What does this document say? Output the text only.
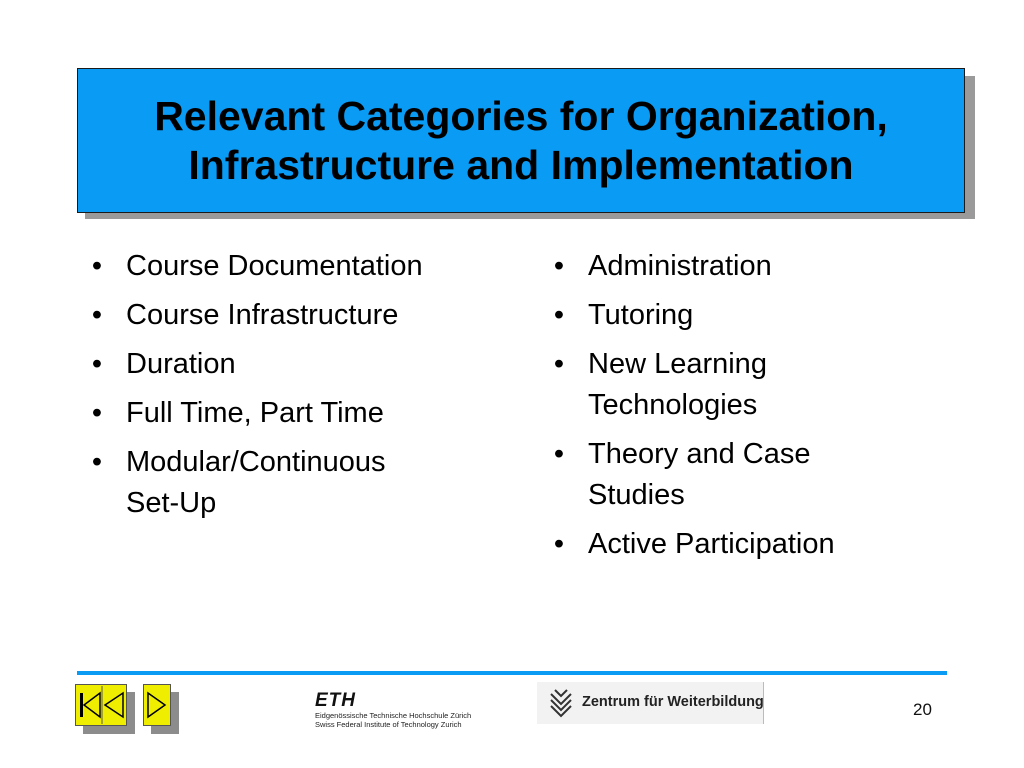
Relevant Categories for Organization,
Infrastructure and Implementation
• Course Documentation
• Course Infrastructure
• Duration
• Full Time, Part Time
• Modular/Continuous
Set-Up
• Administration
• Tutoring
• New Learning
Technologies
• Theory and Case
Studies
• Active Participation
ETH
Eidgenössische Technische Hochschule Zürich
Swiss Federal Institute of Technology Zurich
Zentrum für Weiterbildung	20
